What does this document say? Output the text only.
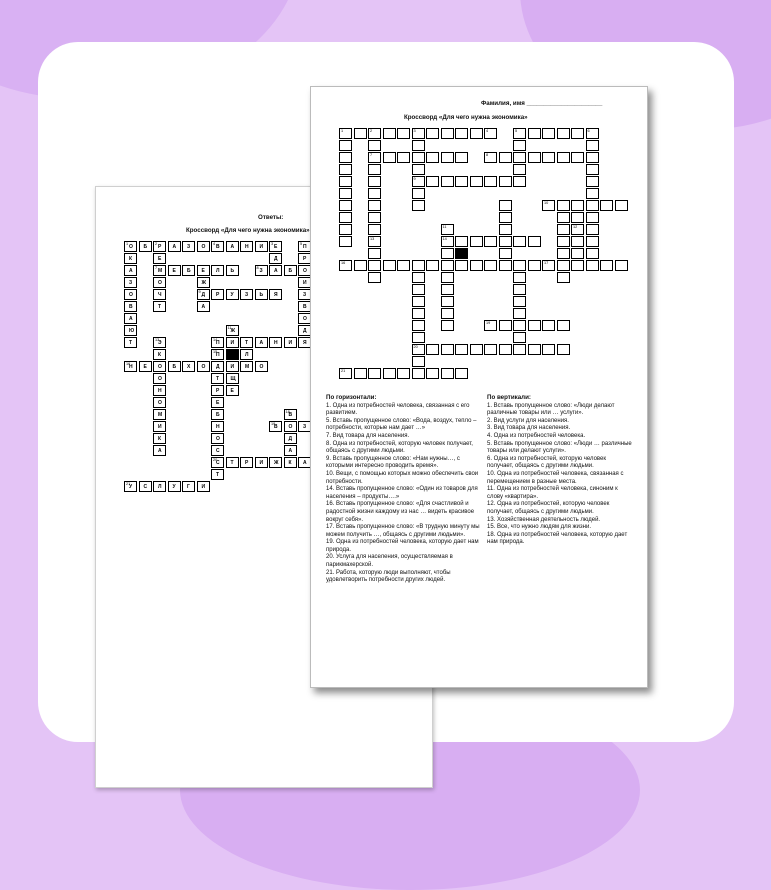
Ответы:
Кроссворд «Для чего нужна экономика»
1 О Б 2 Р А З О 4 В А Н И 3 Е	5 П
К	Е	Д	Р
А	7 М Е Б Е Л Ь	8 З А Б О
З	О	Ж	И
О	Ч	9 Д Р У З Ь Я	З
В	Т	А	В
А	О
Ю	11 Ж	Д
Т	13
Э	14
П И Т А Н И Я
К	15
П	Л
16
Н Е О Б Х О Д И М О
О	Т Щ
Н	Р Е
О	Е
М	Б	18
В
И	Н	19
В О З
К	О	Д
А	С	А
20
С Т Р И Ж К А
Т
21
У С Л У Г И
Фамилия, имя ______________________
Кроссворд «Для чего нужна экономика»
1	2	3	4	5	6
7
13
9
8
10
11
14
12
16	17
20
19
21
По горизонтали:
1. Одна из потребностей человека, связанная с его развитием.
5. Вставь пропущенное слово: «Вода, воздух, тепло – потребности, которые нам дает …»
7. Вид товара для населения.
8. Одна из потребностей, которую человек получает, общаясь с другими людьми.
9. Вставь пропущенное слово: «Нам нужны…, с которыми интересно проводить время».
10. Вещи, с помощью которых можно обеспечить свои потребности.
14. Вставь пропущенное слово: «Один из товаров для населения – продукты….»
16. Вставь пропущенное слово: «Для счастливой и радостной жизни каждому из нас … видеть красивое вокруг себя».
17. Вставь пропущенное слово: «В трудную минуту мы можем получить …, общаясь с другими людьми».
19. Одна из потребностей человека, которую дает нам природа.
20. Услуга для населения, осуществляемая в парикмахерской.
21. Работа, которую люди выполняют, чтобы удовлетворить потребности других людей.
По вертикали:
1. Вставь пропущенное слово: «Люди делают различные товары или … услуги».
2. Вид услуги для населения.
3. Вид товара для населения.
4. Одна из потребностей человека.
5. Вставь пропущенное слово: «Люди … различные товары или делают услуги».
6. Одна из потребностей, которую человек получает, общаясь с другими людьми.
10. Одна из потребностей человека, связанная с перемещением в разные места.
11. Одна из потребностей человека, синоним к слову «квартира».
12. Одна из потребностей, которую человек получает, общаясь с другими людьми.
13. Хозяйственная деятельность людей.
15. Все, что нужно людям для жизни.
18. Одна из потребностей человека, которую дает нам природа.
